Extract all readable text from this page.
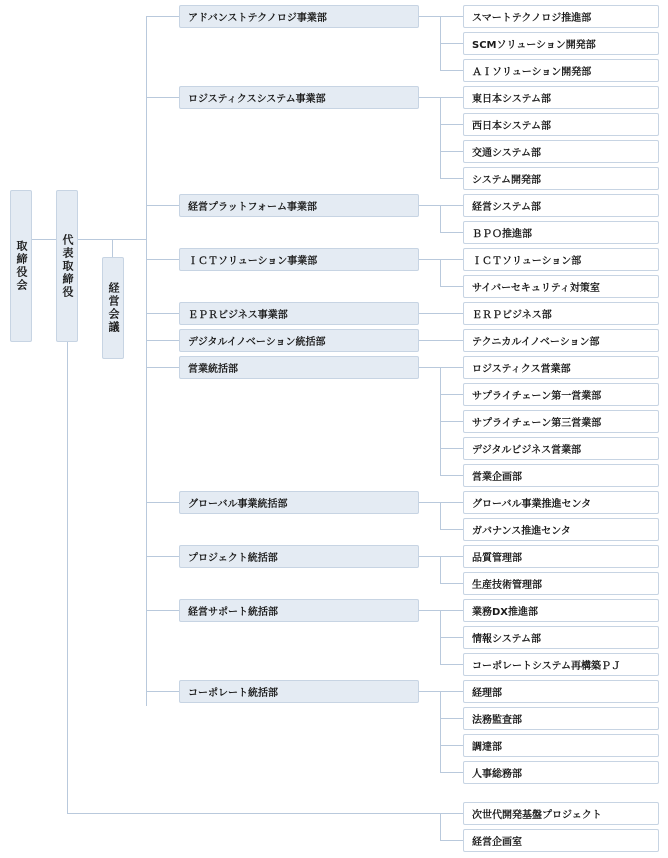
取締役会	代表取締役
経営会議
アドバンストテクノロジ事業部	スマートテクノロジ推進部
SCMソリューション開発部
ＡＩソリューション開発部
ロジスティクスシステム事業部	東日本システム部
西日本システム部
交通システム部
システム開発部
経営プラットフォーム事業部	経営システム部
ＢＰＯ推進部
ＩＣＴソリューション事業部	ＩＣＴソリューション部
サイバーセキュリティ対策室
ＥＰＲビジネス事業部	ＥＲＰビジネス部
デジタルイノベーション統括部	テクニカルイノベーション部
営業統括部	ロジスティクス営業部
サプライチェーン第一営業部
サプライチェーン第三営業部
デジタルビジネス営業部
営業企画部
グローバル事業統括部	グローバル事業推進センタ
ガバナンス推進センタ
プロジェクト統括部	品質管理部
生産技術管理部
経営サポート統括部	業務DX推進部
情報システム部
コーポレートシステム再構築ＰＪ
コーポレート統括部	経理部
法務監査部
調達部
人事総務部
次世代開発基盤プロジェクト
経営企画室
